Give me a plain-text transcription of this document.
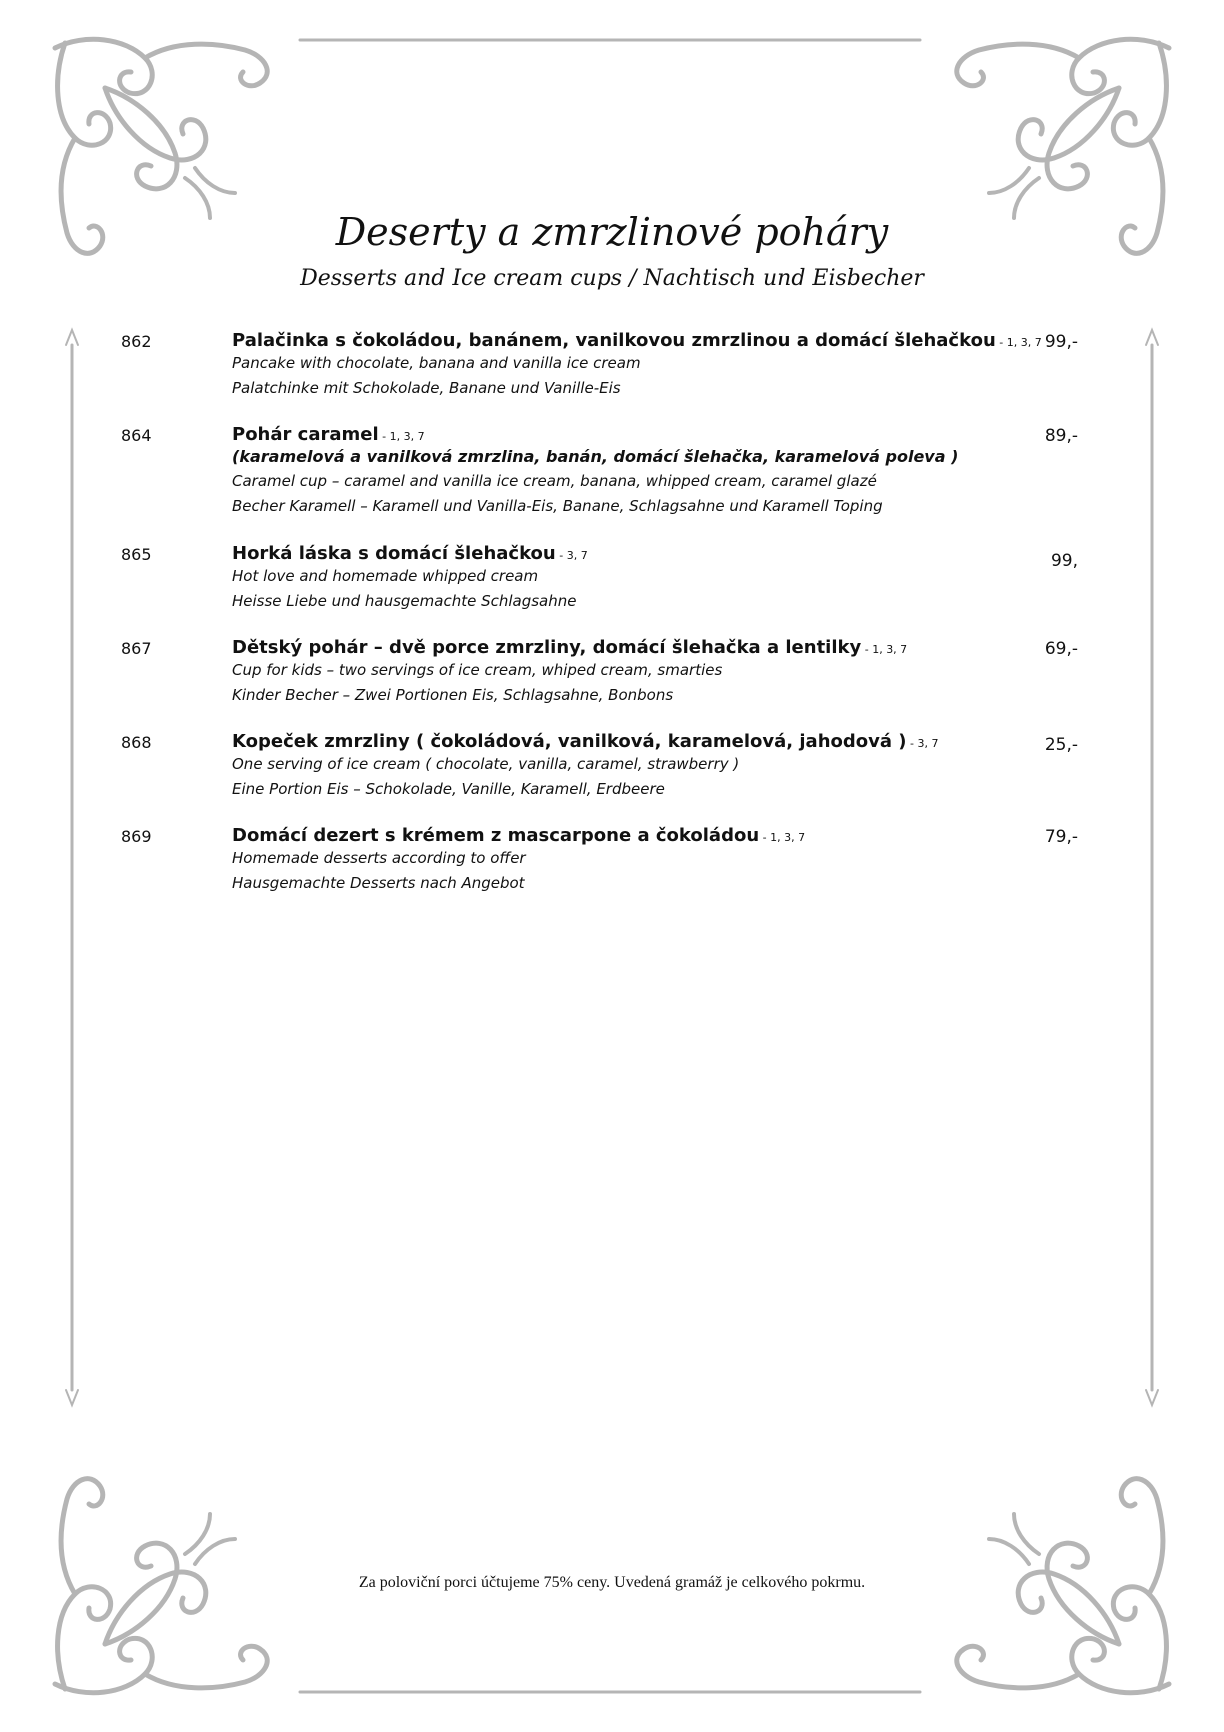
Deserty a zmrzlinové poháry
Desserts and Ice cream cups / Nachtisch und Eisbecher
862	Palačinka s čokoládou, banánem, vanilkovou zmrzlinou a domácí šlehačkou - 1, 3, 7
Pancake with chocolate, banana and vanilla ice cream
Palatchinke mit Schokolade, Banane und Vanille-Eis
99,-
864	Pohár caramel - 1, 3, 7
(karamelová a vanilková zmrzlina, banán, domácí šlehačka, karamelová poleva )
Caramel cup – caramel and vanilla ice cream, banana, whipped cream, caramel glazé
Becher Karamell – Karamell und Vanilla-Eis, Banane, Schlagsahne und Karamell Toping
89,-
865	Horká láska s domácí šlehačkou - 3, 7
Hot love and homemade whipped cream
Heisse Liebe und hausgemachte Schlagsahne
99,
867	Dětský pohár – dvě porce zmrzliny, domácí šlehačka a lentilky - 1, 3, 7
Cup for kids – two servings of ice cream, whiped cream, smarties
Kinder Becher – Zwei Portionen Eis, Schlagsahne, Bonbons
69,-
868	Kopeček zmrzliny ( čokoládová, vanilková, karamelová, jahodová ) - 3, 7
One serving of ice cream ( chocolate, vanilla, caramel, strawberry )
Eine Portion Eis – Schokolade, Vanille, Karamell, Erdbeere
25,-
869	Domácí dezert s krémem z mascarpone a čokoládou - 1, 3, 7
Homemade desserts according to offer
Hausgemachte Desserts nach Angebot
79,-
Za poloviční porci účtujeme 75% ceny. Uvedená gramáž je celkového pokrmu.
